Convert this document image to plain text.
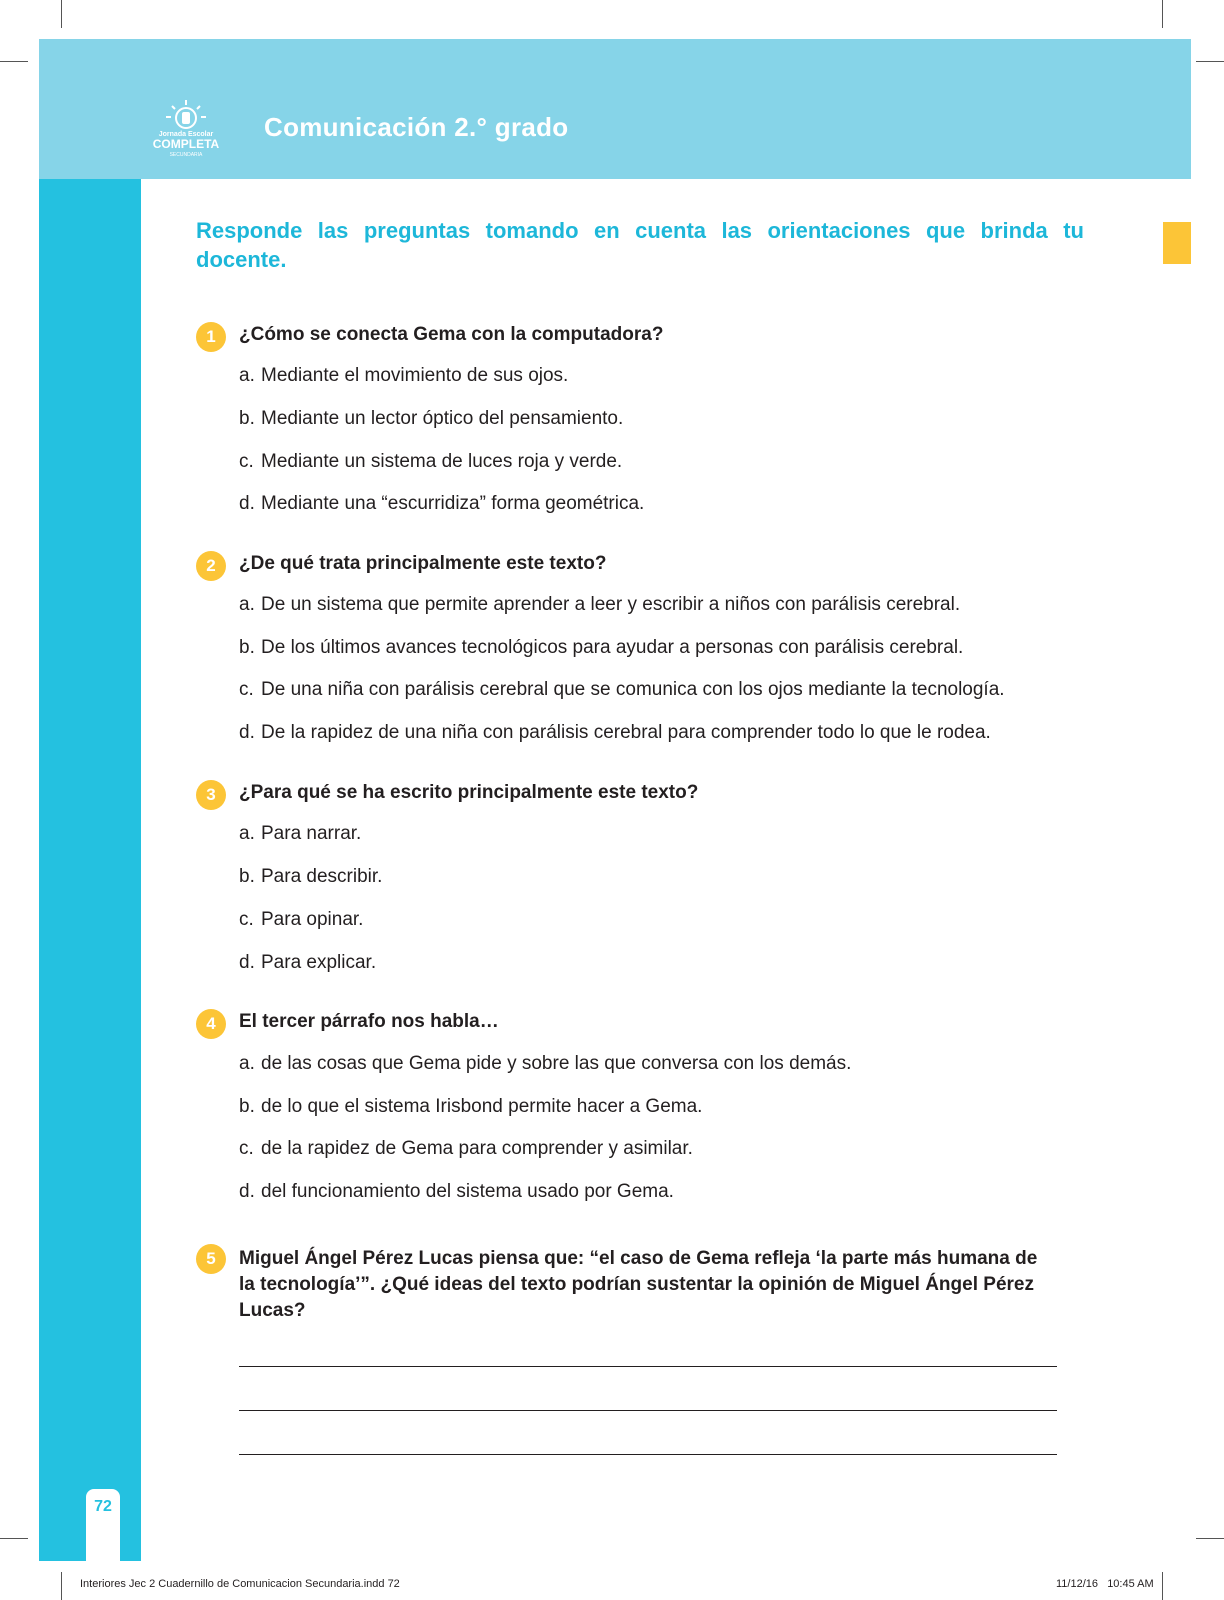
Jornada Escolar
COMPLETA
SECUNDARIA
Comunicación 2.° grado
Responde las preguntas tomando en cuenta las orientaciones que brinda tu docente.
1	¿Cómo se conecta Gema con la computadora?
a. Mediante el movimiento de sus ojos.
b. Mediante un lector óptico del pensamiento.
c. Mediante un sistema de luces roja y verde.
d. Mediante una “escurridiza” forma geométrica.
2	¿De qué trata principalmente este texto?
a. De un sistema que permite aprender a leer y escribir a niños con parálisis cerebral.
b. De los últimos avances tecnológicos para ayudar a personas con parálisis cerebral.
c. De una niña con parálisis cerebral que se comunica con los ojos mediante la tecnología.
d. De la rapidez de una niña con parálisis cerebral para comprender todo lo que le rodea.
3	¿Para qué se ha escrito principalmente este texto?
a. Para narrar.
b. Para describir.
c. Para opinar.
d. Para explicar.
4	El tercer párrafo nos habla…
a. de las cosas que Gema pide y sobre las que conversa con los demás.
b. de lo que el sistema Irisbond permite hacer a Gema.
c. de la rapidez de Gema para comprender y asimilar.
d. del funcionamiento del sistema usado por Gema.
5	Miguel Ángel Pérez Lucas piensa que: “el caso de Gema refleja ‘la parte más humana de la tecnología’”. ¿Qué ideas del texto podrían sustentar la opinión de Miguel Ángel Pérez Lucas?
72
Interiores Jec 2 Cuadernillo de Comunicacion Secundaria.indd 72	11/12/16 10:45 AM
